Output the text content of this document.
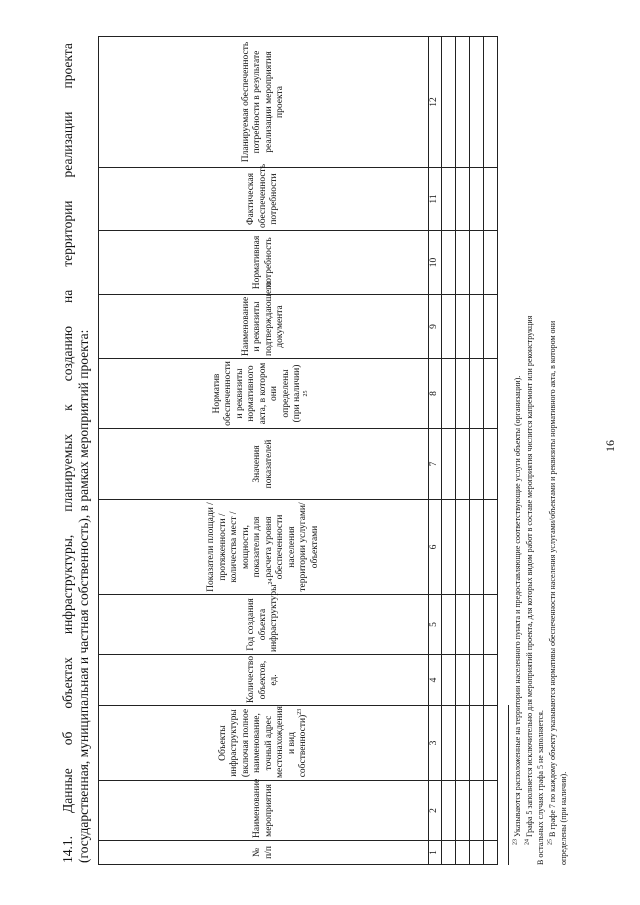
16
14.1.
Данные
об
объектах
инфраструктуры,
планируемых
к
созданию
на
территории
реализации
проекта
(государственная, муниципальная и частная собственность), в рамках мероприятий проекта:	№ п/п	Наименование мероприятия	Объекты инфраструктуры (включая полное наименование, точный адрес местонахождения и вид собственности)$^{23}$	Количество объектов, ед.	Год создания объекта инфраструктуры$^{24}$	Показатели площади / протяженности / количества мест / мощности, показатели для расчета уровня обеспеченности населения территории услугами/ объектами	Значения показателей	Норматив обеспеченности и реквизиты нормативного акта, в котором они определены (при наличии) $^{25}$	Наименование и реквизиты подтверждающего документа	Нормативная потребность	Фактическая обеспеченность потребности	Планируемая обеспеченность потребности в результате реализации мероприятия проекта

1	2	3	4	5	6	7	8	9	10	11	12

$^{23}$ Указываются расположенные на территории населенного пункта и предоставляющие соответствующие услуги объекты (организации).

$^{24}$ Графа 5 заполняется исключительно для мероприятий проекта, для которых видом работ в составе мероприятия числится капремонт или реконструкция В остальных случаях графа 5 не заполняется. $^{25}$ В графе 7 по каждому объекту указываются нормативы обеспеченности населения услугами/объектами и реквизиты нормативного акта, в котором они определены (при наличии).
